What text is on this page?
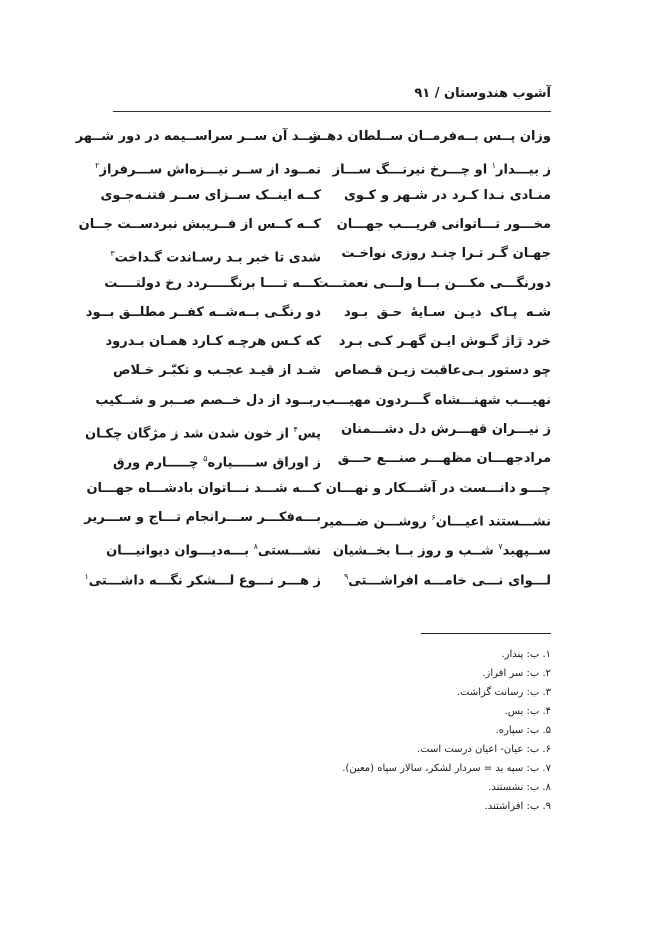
آشوب هندوستان / ۹۱
وزان پــس بــه‌فرمــان ســلطان دهــر
شــد آن ســر سراســیمه در دور شــهر
ز بیـــدار$^۱$ او چـــرخ نیرنـــگ ســـاز
نمــود از ســر نیـــزه‌اش ســـرفراز$^۲$
منـادی نـدا کـرد در شـهر و کـوی
کــه اینــک ســزای ســر فتنـه‌جـوی
مخـــور تـــاتوانی فریـــب جهـــان
کــه کــس از فــریبش نبردســت جــان
جهـان گـر تـرا چنـد روزی نواخـت
شدی تا خبر بـد رسـاندت گـداخت$^۳$
دورنگـــی مکـــن بـــا ولـــی نعمتـــت
کـــه تــــا برنگـــــردد رخ دولتــــت
شـه پـاک دیـن سـایهٔ حـق بـود
دو رنگـی بــه‌شــه کفــر مطلــق بــود
خرد ژاژ گـوش ایـن گهـر کـی بـرد
که کـس هرچـه کـارد همـان بـدرود
چو دستور بـی‌عاقبت زیـن قـصاص
شـد از قیـد عجـب و تکبّـر خـلاص
نهیـــب شهنـــشاه گـــردون مهیـــب
ربــود از دل خــصم صــبر و شــکیب
ز نیـــران قهـــرش دل دشـــمنان
پس$^۴$ از خون شدن شد ز مژگان چکـان
مرادجهـــان مظهـــر صنـــع حـــق
ز اوراق ســـــیاره$^۵$ چـــــارم ورق
چـــو دانـــست در آشـــکار و نهـــان
کـــه شـــد نـــاتوان بادشـــاه جهـــان
نشـــستند اعیـــان$^۶$ روشـــن ضـــمیر
بـــه‌فکـــر ســـرانجام تـــاج و ســـریر
ســپهبد$^۷$ شــب و روز بــا بخــشیان
نشـــستی$^۸$ بـــه‌دیـــوان دیوانیـــان
لـــوای نـــی خامـــه افراشـــتی$^۹$
ز هـــر نـــوع لـــشکر نگـــه داشـــتی$^۱$
۱. ب: پندار.
۲. ب: سر افراز.
۳. ب: رسانت گزاشت.
۴. ب: بس.
۵. ب: سپاره.
۶. ب: عیان- اعیان درست است.
۷. ب: سپه بد = سردار لشکر، سالار سپاه (معین).
۸. ب: نشستند.
۹. ب: افراشتند.
